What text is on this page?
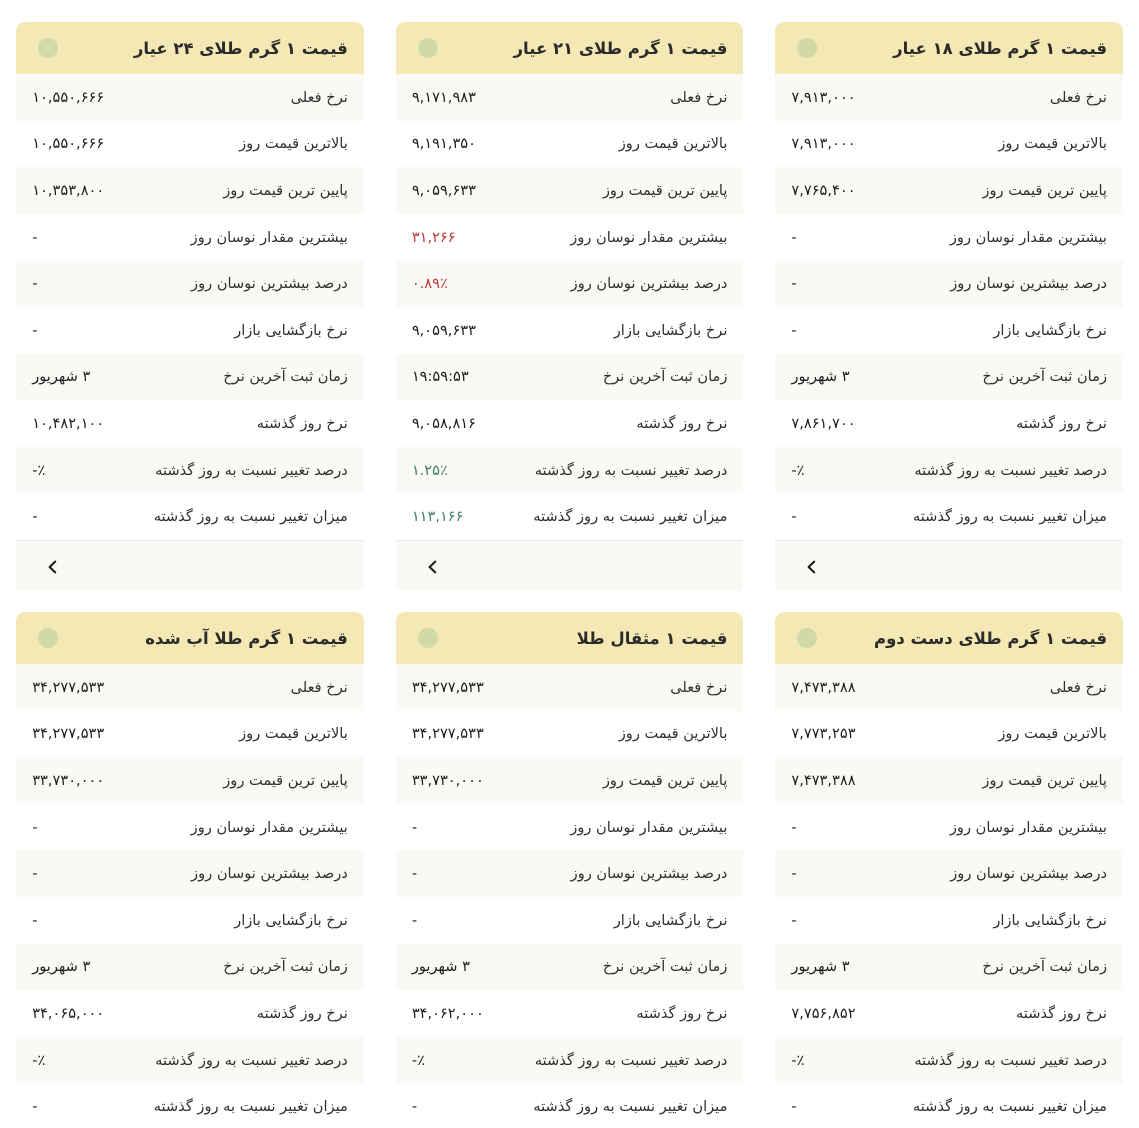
قیمت ۱ گرم طلای ۱۸ عیار
نرخ فعلی
۷,۹۱۳,۰۰۰
بالاترین قیمت روز
۷,۹۱۳,۰۰۰
پایین ترین قیمت روز
۷,۷۶۵,۴۰۰
بیشترین مقدار نوسان روز
-
درصد بیشترین نوسان روز
-
نرخ بازگشایی بازار
-
زمان ثبت آخرین نرخ
۳ شهریور
نرخ روز گذشته
۷,۸۶۱,۷۰۰
درصد تغییر نسبت به روز گذشته
-٪
میزان تغییر نسبت به روز گذشته
-
قیمت ۱ گرم طلای ۲۱ عیار
نرخ فعلی
۹,۱۷۱,۹۸۳
بالاترین قیمت روز
۹,۱۹۱,۳۵۰
پایین ترین قیمت روز
۹,۰۵۹,۶۳۳
بیشترین مقدار نوسان روز
۳۱,۲۶۶
درصد بیشترین نوسان روز
۰.۸۹٪
نرخ بازگشایی بازار
۹,۰۵۹,۶۳۳
زمان ثبت آخرین نرخ
۱۹:۵۹:۵۳
نرخ روز گذشته
۹,۰۵۸,۸۱۶
درصد تغییر نسبت به روز گذشته
۱.۲۵٪
میزان تغییر نسبت به روز گذشته
۱۱۳,۱۶۶
قیمت ۱ گرم طلای ۲۴ عیار
نرخ فعلی
۱۰,۵۵۰,۶۶۶
بالاترین قیمت روز
۱۰,۵۵۰,۶۶۶
پایین ترین قیمت روز
۱۰,۳۵۳,۸۰۰
بیشترین مقدار نوسان روز
-
درصد بیشترین نوسان روز
-
نرخ بازگشایی بازار
-
زمان ثبت آخرین نرخ
۳ شهریور
نرخ روز گذشته
۱۰,۴۸۲,۱۰۰
درصد تغییر نسبت به روز گذشته
-٪
میزان تغییر نسبت به روز گذشته
-
قیمت ۱ گرم طلای دست دوم
نرخ فعلی
۷,۴۷۳,۳۸۸
بالاترین قیمت روز
۷,۷۷۳,۲۵۳
پایین ترین قیمت روز
۷,۴۷۳,۳۸۸
بیشترین مقدار نوسان روز
-
درصد بیشترین نوسان روز
-
نرخ بازگشایی بازار
-
زمان ثبت آخرین نرخ
۳ شهریور
نرخ روز گذشته
۷,۷۵۶,۸۵۲
درصد تغییر نسبت به روز گذشته
-٪
میزان تغییر نسبت به روز گذشته
-
قیمت ۱ مثقال طلا
نرخ فعلی
۳۴,۲۷۷,۵۳۳
بالاترین قیمت روز
۳۴,۲۷۷,۵۳۳
پایین ترین قیمت روز
۳۳,۷۳۰,۰۰۰
بیشترین مقدار نوسان روز
-
درصد بیشترین نوسان روز
-
نرخ بازگشایی بازار
-
زمان ثبت آخرین نرخ
۳ شهریور
نرخ روز گذشته
۳۴,۰۶۲,۰۰۰
درصد تغییر نسبت به روز گذشته
-٪
میزان تغییر نسبت به روز گذشته
-
قیمت ۱ گرم طلا آب شده
نرخ فعلی
۳۴,۲۷۷,۵۳۳
بالاترین قیمت روز
۳۴,۲۷۷,۵۳۳
پایین ترین قیمت روز
۳۳,۷۳۰,۰۰۰
بیشترین مقدار نوسان روز
-
درصد بیشترین نوسان روز
-
نرخ بازگشایی بازار
-
زمان ثبت آخرین نرخ
۳ شهریور
نرخ روز گذشته
۳۴,۰۶۵,۰۰۰
درصد تغییر نسبت به روز گذشته
-٪
میزان تغییر نسبت به روز گذشته
-
